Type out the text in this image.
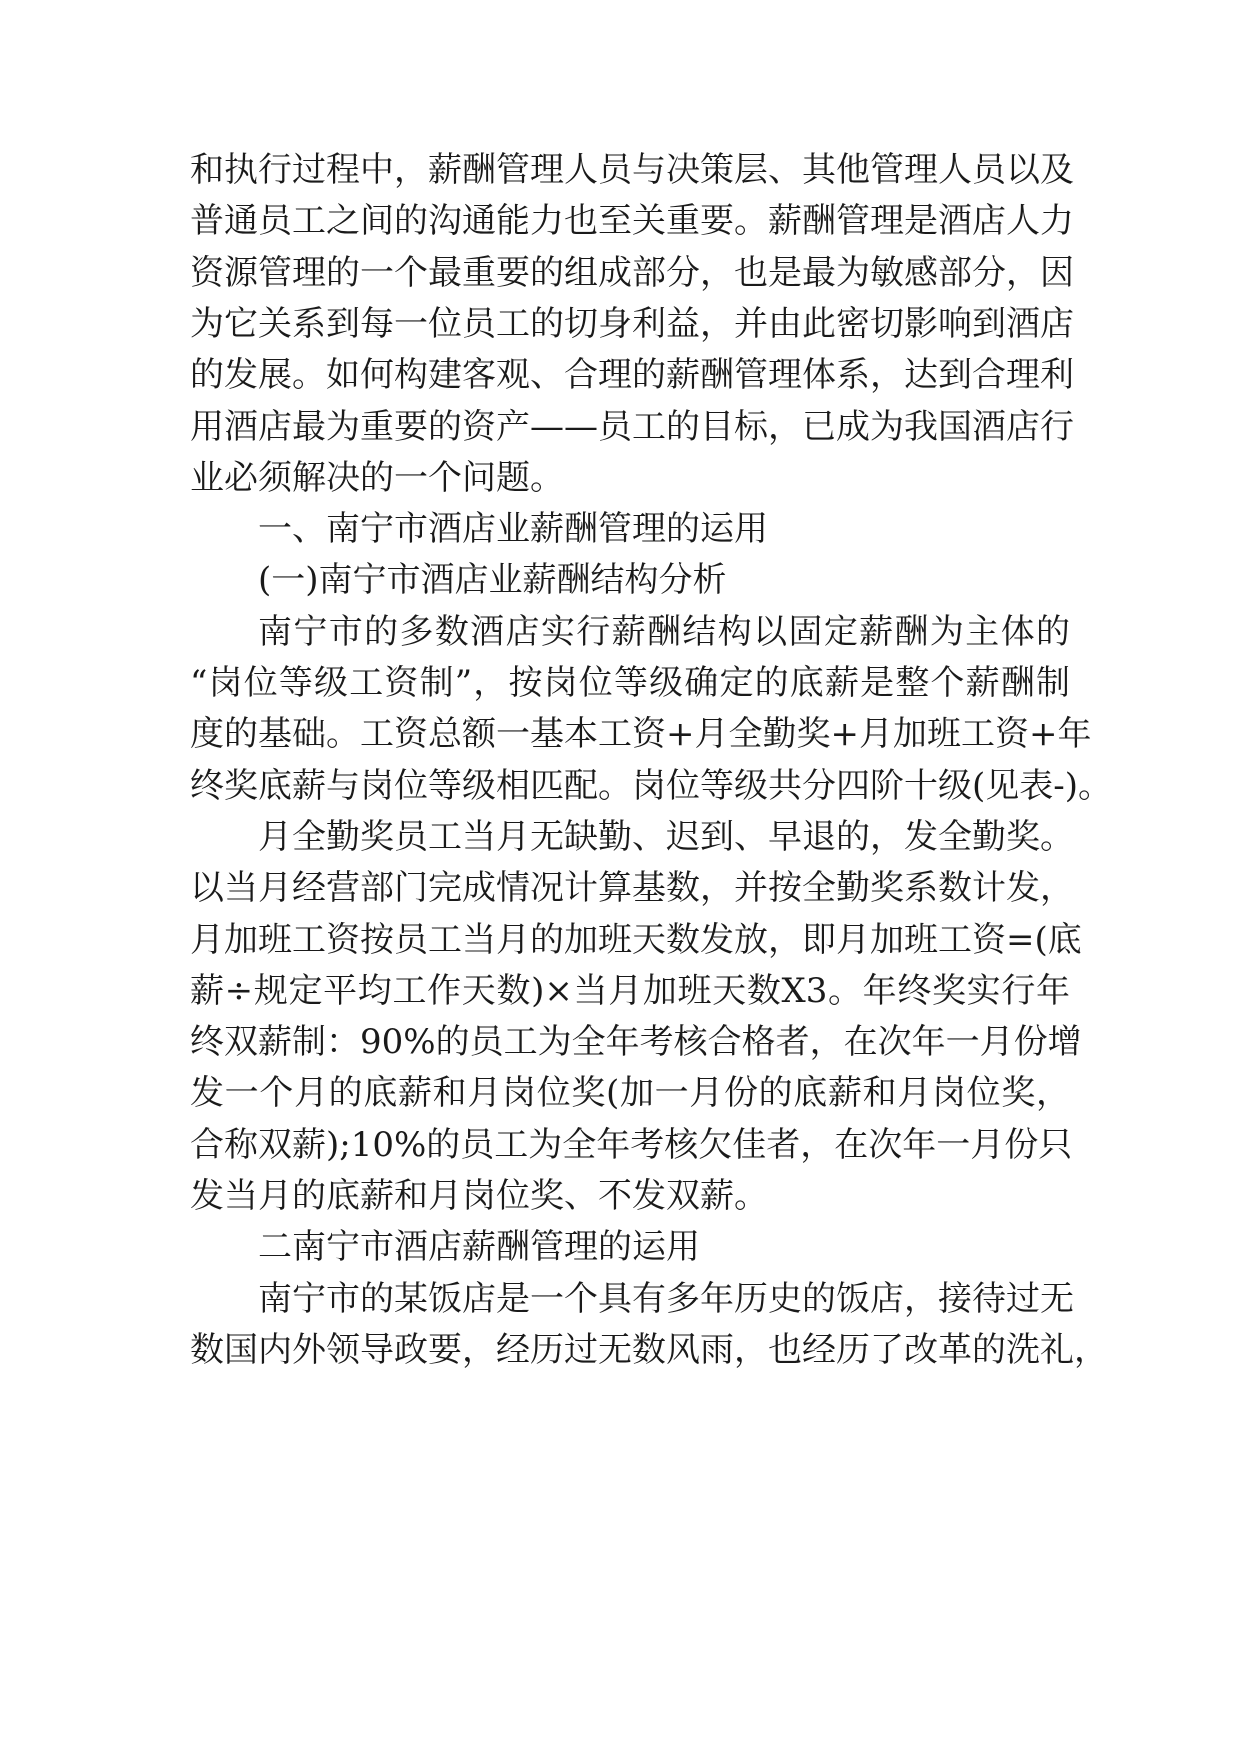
和执行过程中，薪酬管理人员与决策层、其他管理人员以及
普通员工之间的沟通能力也至关重要。薪酬管理是酒店人力
资源管理的一个最重要的组成部分，也是最为敏感部分，因
为它关系到每一位员工的切身利益，并由此密切影响到酒店
的发展。如何构建客观、合理的薪酬管理体系，达到合理利
用酒店最为重要的资产——员工的目标，已成为我国酒店行
业必须解决的一个问题。
一、南宁市酒店业薪酬管理的运用
(一)南宁市酒店业薪酬结构分析
南宁市的多数酒店实行薪酬结构以固定薪酬为主体的
“岗位等级工资制”，按岗位等级确定的底薪是整个薪酬制
度的基础。工资总额一基本工资+月全勤奖+月加班工资+年
终奖底薪与岗位等级相匹配。岗位等级共分四阶十级(见表-)。
月全勤奖员工当月无缺勤、迟到、早退的，发全勤奖。
以当月经营部门完成情况计算基数，并按全勤奖系数计发，
月加班工资按员工当月的加班天数发放，即月加班工资=(底
薪÷规定平均工作天数)×当月加班天数X3。年终奖实行年
终双薪制：90%的员工为全年考核合格者，在次年一月份增
发一个月的底薪和月岗位奖(加一月份的底薪和月岗位奖，
合称双薪);10%的员工为全年考核欠佳者，在次年一月份只
发当月的底薪和月岗位奖、不发双薪。
二南宁市酒店薪酬管理的运用
南宁市的某饭店是一个具有多年历史的饭店，接待过无
数国内外领导政要，经历过无数风雨，也经历了改革的洗礼，
